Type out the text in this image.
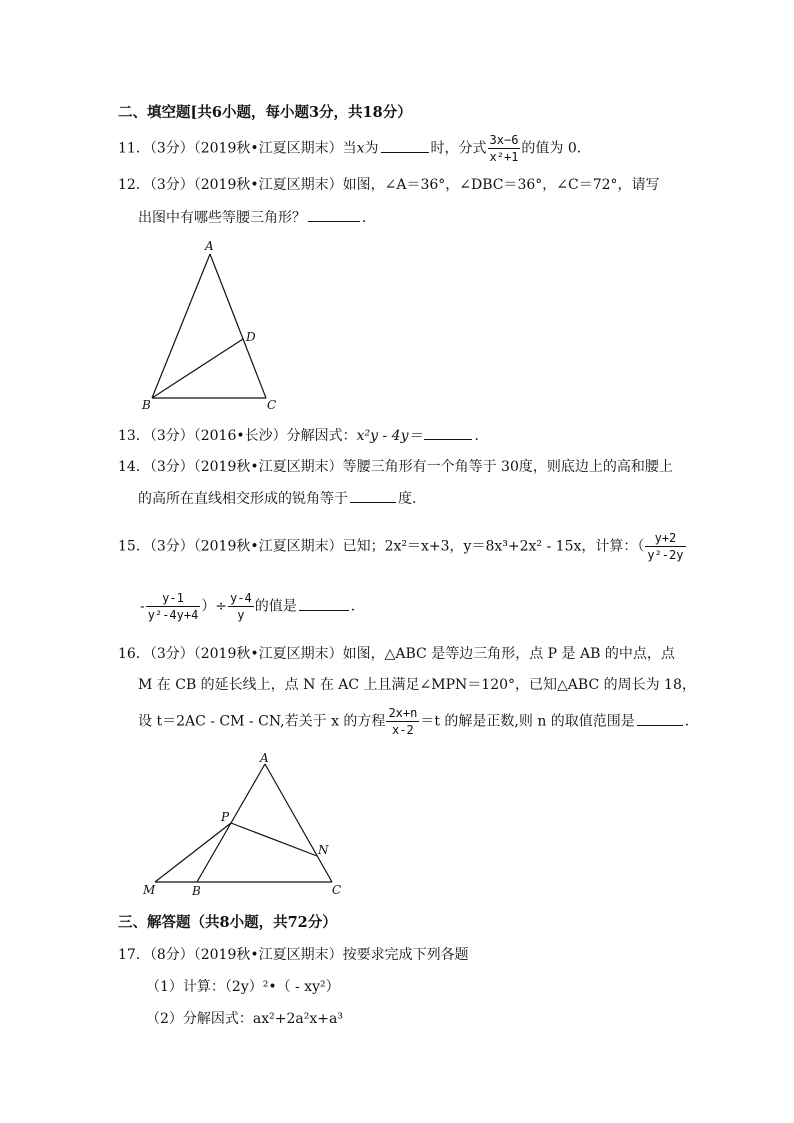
二、填空题[共6小题，每小题3分，共18分）
11．（3分）（2019秋•江夏区期末）当x为	时，分式 $\frac{3x-6}{\text{x²+1}}$ 的值为 0．
12．（3分）（2019秋•江夏区期末）如图，∠A＝36°，∠DBC＝36°，∠C＝72°，请写
出图中有哪些等腰三角形？	．
A
D
B	C
13．（3分）（2016•长沙）分解因式：x²y - 4y＝	．
14．（3分）（2019秋•江夏区期末）等腰三角形有一个角等于 30度，则底边上的高和腰上
的高所在直线相交形成的锐角等于	度．
15．（3分）（2019秋•江夏区期末）已知；2x²＝x+3，y＝8x³+2x² - 15x，计算：（ $\frac{y+2}{\text{y²-2y}}$
- $\frac{y-1}{\text{y²-4y+4}}$ ）÷ $\frac{y-4}{y}$ 的值是	．
16．（3分）（2019秋•江夏区期末）如图，△ABC 是等边三角形，点 P 是 AB 的中点，点
M 在 CB 的延长线上，点 N 在 AC 上且满足∠MPN＝120°，已知△ABC 的周长为 18，
设 t＝2AC - CM - CN,若关于 x 的方程 $\frac{2x+n}{x-2} =t$ 的解是正数,则 n 的取值范围是	．
A
P
N
M	B	C
三、解答题（共8小题，共72分）
17．（8分）（2019秋•江夏区期末）按要求完成下列各题
（1）计算：（2y）²•（ - xy²）
（2）分解因式：ax²+2a²x+a³
